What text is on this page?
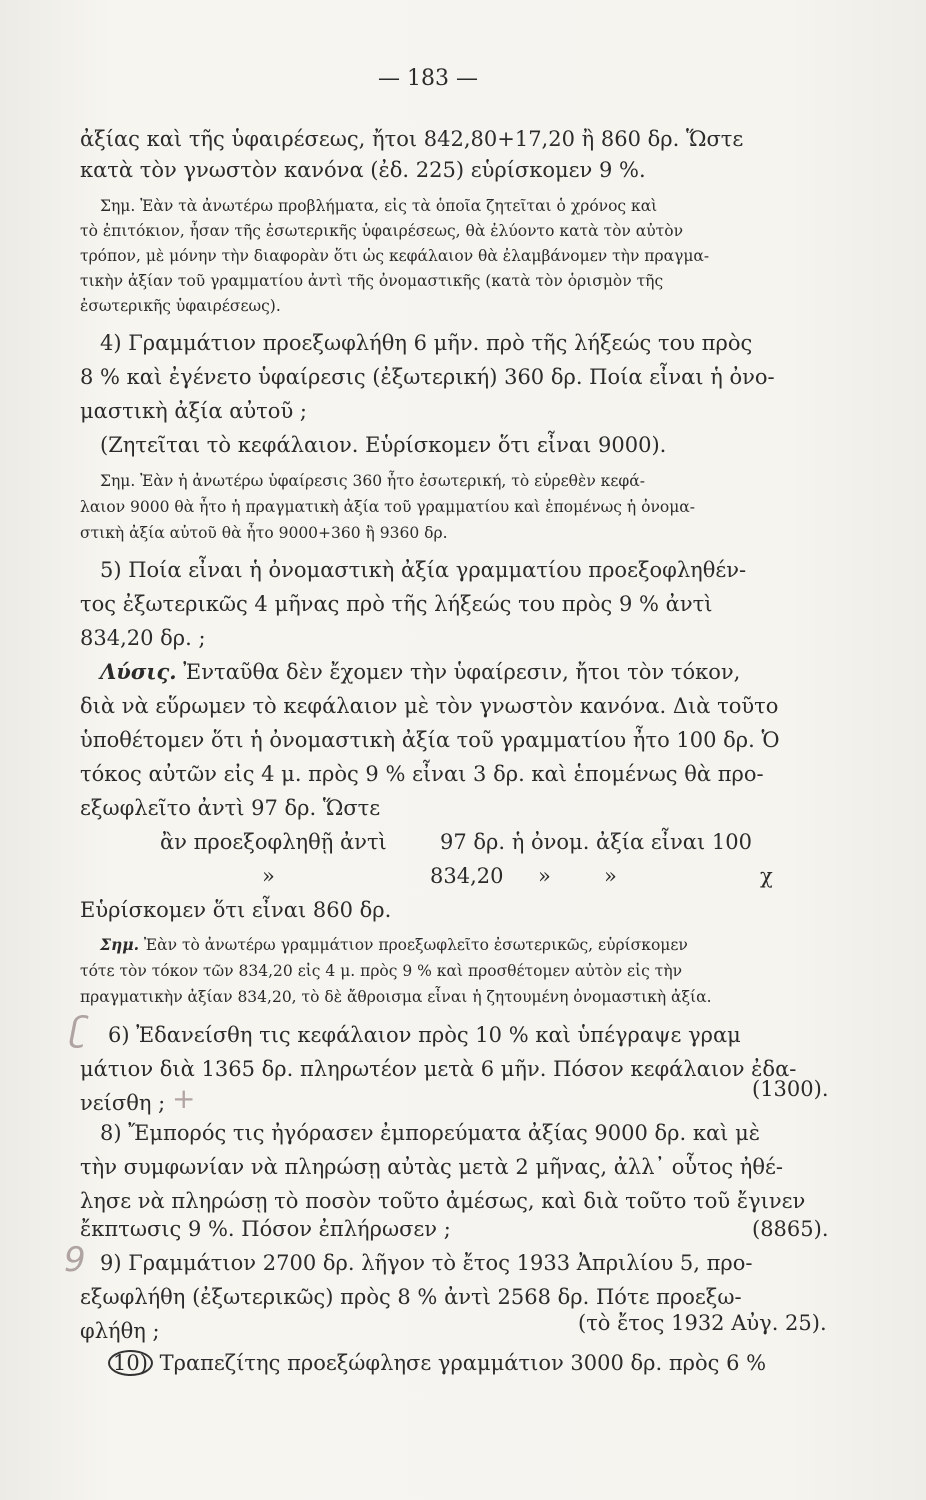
— 183 —
ἀξίας καὶ τῆς ὑφαιρέσεως, ἤτοι 842,80+17,20 ἢ 860 δρ. Ὥστε
κατὰ τὸν γνωστὸν κανόνα (ἐδ. 225) εὑρίσκομεν 9 %.
Σημ. Ἐὰν τὰ ἀνωτέρω προβλήματα, εἰς τὰ ὁποῖα ζητεῖται ὁ χρόνος καὶ
τὸ ἐπιτόκιον, ἦσαν τῆς ἐσωτερικῆς ὑφαιρέσεως, θὰ ἐλύοντο κατὰ τὸν αὐτὸν
τρόπον, μὲ μόνην τὴν διαφορὰν ὅτι ὡς κεφάλαιον θὰ ἐλαμβάνομεν τὴν πραγμα-
τικὴν ἀξίαν τοῦ γραμματίου ἀντὶ τῆς ὀνομαστικῆς (κατὰ τὸν ὁρισμὸν τῆς
ἐσωτερικῆς ὑφαιρέσεως).
4) Γραμμάτιον προεξωφλήθη 6 μῆν. πρὸ τῆς λήξεώς του πρὸς
8 % καὶ ἐγένετο ὑφαίρεσις (ἐξωτερική) 360 δρ. Ποία εἶναι ἡ ὀνο-
μαστικὴ ἀξία αὐτοῦ ;
(Ζητεῖται τὸ κεφάλαιον. Εὑρίσκομεν ὅτι εἶναι 9000).
Σημ. Ἐὰν ἡ ἀνωτέρω ὑφαίρεσις 360 ἦτο ἐσωτερική, τὸ εὑρεθὲν κεφά-
λαιον 9000 θὰ ἦτο ἡ πραγματικὴ ἀξία τοῦ γραμματίου καὶ ἑπομένως ἡ ὀνομα-
στικὴ ἀξία αὐτοῦ θὰ ἦτο 9000+360 ἢ 9360 δρ.
5) Ποία εἶναι ἡ ὀνομαστικὴ ἀξία γραμματίου προεξοφληθέν-
τος ἐξωτερικῶς 4 μῆνας πρὸ τῆς λήξεώς του πρὸς 9 % ἀντὶ
834,20 δρ. ;
Λύσις. Ἐνταῦθα δὲν ἔχομεν τὴν ὑφαίρεσιν, ἤτοι τὸν τόκον,
διὰ νὰ εὕρωμεν τὸ κεφάλαιον μὲ τὸν γνωστὸν κανόνα. Διὰ τοῦτο
ὑποθέτομεν ὅτι ἡ ὀνομαστικὴ ἀξία τοῦ γραμματίου ἦτο 100 δρ. Ὁ
τόκος αὐτῶν εἰς 4 μ. πρὸς 9 % εἶναι 3 δρ. καὶ ἑπομένως θὰ προ-
εξωφλεῖτο ἀντὶ 97 δρ. Ὥστε
ἂν προεξοφληθῇ ἀντὶ	97 δρ. ἡ ὀνομ. ἀξία εἶναι 100
»	834,20 »	»	χ
Εὑρίσκομεν ὅτι εἶναι 860 δρ.
Σημ. Ἐὰν τὸ ἀνωτέρω γραμμάτιον προεξωφλεῖτο ἐσωτερικῶς, εὑρίσκομεν
τότε τὸν τόκον τῶν 834,20 εἰς 4 μ. πρὸς 9 % καὶ προσθέτομεν αὐτὸν εἰς τὴν
πραγματικὴν ἀξίαν 834,20, τὸ δὲ ἄθροισμα εἶναι ἡ ζητουμένη ὀνομαστικὴ ἀξία.
ʗ 6) Ἐδανείσθη τις κεφάλαιον πρὸς 10 % καὶ ὑπέγραψε γραμ
μάτιον διὰ 1365 δρ. πληρωτέον μετὰ 6 μῆν. Πόσον κεφάλαιον ἐδα-
νείσθη ;
(1300).
+
8) Ἔμπορός τις ἠγόρασεν ἐμπορεύματα ἀξίας 9000 δρ. καὶ μὲ
τὴν συμφωνίαν νὰ πληρώσῃ αὐτὰς μετὰ 2 μῆνας, ἀλλ᾽ οὗτος ἠθέ-
λησε νὰ πληρώσῃ τὸ ποσὸν τοῦτο ἀμέσως, καὶ διὰ τοῦτο τοῦ ἔγινεν
ἔκπτωσις 9 %. Πόσον ἐπλήρωσεν ;	(8865).
9 9) Γραμμάτιον 2700 δρ. λῆγον τὸ ἔτος 1933 Ἀπριλίου 5, προ-
εξωφλήθη (ἐξωτερικῶς) πρὸς 8 % ἀντὶ 2568 δρ. Πότε προεξω-
φλήθη ;	(τὸ ἔτος 1932 Αὐγ. 25).
10) Τραπεζίτης προεξώφλησε γραμμάτιον 3000 δρ. πρὸς 6 %
